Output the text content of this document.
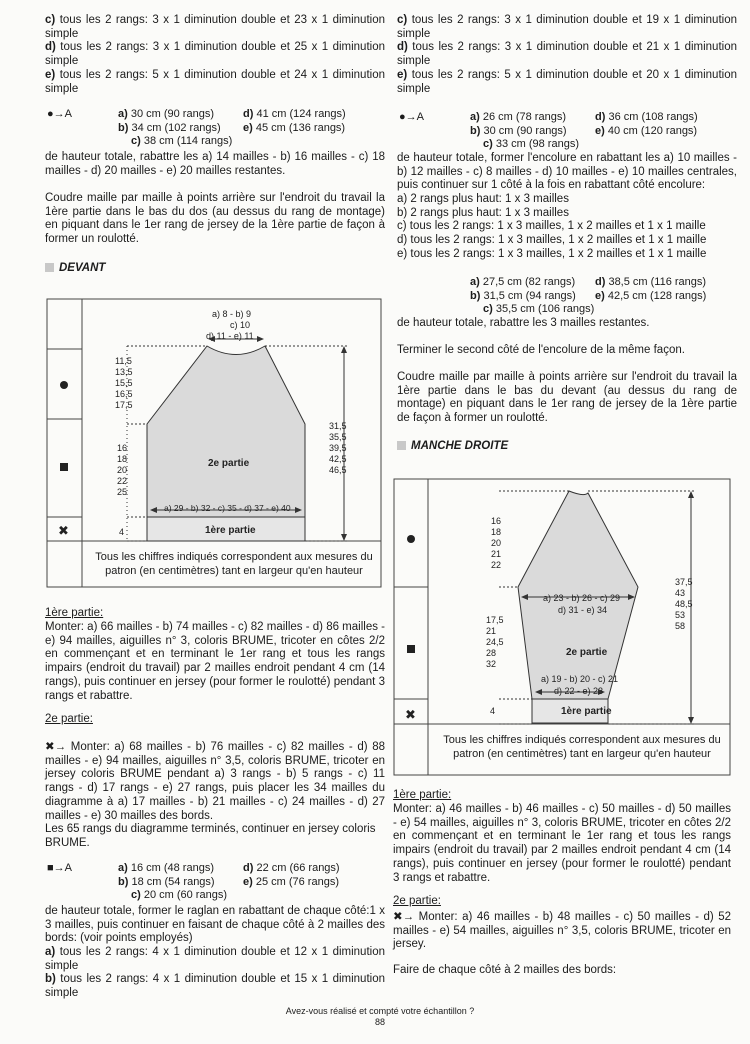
c) tous les 2 rangs: 3 x 1 diminution double et 23 x 1 diminution simple
d) tous les 2 rangs: 3 x 1 diminution double et 25 x 1 diminution simple
e) tous les 2 rangs: 5 x 1 diminution double et 24 x 1 diminution simple
●→A	a) 30 cm (90 rangs)	d) 41 cm (124 rangs)
b) 34 cm (102 rangs) e) 45 cm (136 rangs)
c) 38 cm (114 rangs)
de hauteur totale, rabattre les a) 14 mailles - b) 16 mailles - c) 18 mailles - d) 20 mailles - e) 20 mailles restantes.
Coudre maille par maille à points arrière sur l'endroit du travail la 1ère partie dans le bas du dos (au dessus du rang de montage) en piquant dans le 1er rang de jersey de la 1ère partie de façon à former un roulotté.
DEVANT
✖
a) 8 - b) 9
c) 10
d) 11 - e) 11
11,5
13,5
15,5
16,5
17,5
16
18
20
22
25
31,5
35,5
39,5
42,5
46,5
2e partie
a) 29 - b) 32 - c) 35 - d) 37 - e) 40
1ère partie
4
Tous les chiffres indiqués correspondent aux mesures du patron (en centimètres) tant en largeur qu'en hauteur
1ère partie:
Monter: a) 66 mailles - b) 74 mailles - c) 82 mailles - d) 86 mailles - e) 94 mailles, aiguilles n° 3, coloris BRUME, tricoter en côtes 2/2 en commençant et en terminant le 1er rang et tous les rangs impairs (endroit du travail) par 2 mailles endroit pendant 4 cm (14 rangs), puis continuer en jersey (pour former le roulotté) pendant 3 rangs et rabattre.
2e partie:
✖→ Monter: a) 68 mailles - b) 76 mailles - c) 82 mailles - d) 88 mailles - e) 94 mailles, aiguilles n° 3,5, coloris BRUME, tricoter en jersey coloris BRUME pendant a) 3 rangs - b) 5 rangs - c) 11 rangs - d) 17 rangs - e) 27 rangs, puis placer les 34 mailles du diagramme à a) 17 mailles - b) 21 mailles - c) 24 mailles - d) 27 mailles - e) 30 mailles des bords.
Les 65 rangs du diagramme terminés, continuer en jersey coloris BRUME.
■→A	a) 16 cm (48 rangs)	d) 22 cm (66 rangs)
b) 18 cm (54 rangs)	e) 25 cm (76 rangs)
c) 20 cm (60 rangs)
de hauteur totale, former le raglan en rabattant de chaque côté:1 x 3 mailles, puis continuer en faisant de chaque côté à 2 mailles des bords: (voir points employés)
a) tous les 2 rangs: 4 x 1 diminution double et 12 x 1 diminution simple
b) tous les 2 rangs: 4 x 1 diminution double et 15 x 1 diminution simple
c) tous les 2 rangs: 3 x 1 diminution double et 19 x 1 diminution simple
d) tous les 2 rangs: 3 x 1 diminution double et 21 x 1 diminution simple
e) tous les 2 rangs: 5 x 1 diminution double et 20 x 1 diminution simple
●→A	a) 26 cm (78 rangs)	d) 36 cm (108 rangs)
b) 30 cm (90 rangs)	e) 40 cm (120 rangs)
c) 33 cm (98 rangs)
de hauteur totale, former l'encolure en rabattant les a) 10 mailles - b) 12 mailles - c) 8 mailles - d) 10 mailles - e) 10 mailles centrales, puis continuer sur 1 côté à la fois en rabattant côté encolure:
a) 2 rangs plus haut: 1 x 3 mailles
b) 2 rangs plus haut: 1 x 3 mailles
c) tous les 2 rangs: 1 x 3 mailles, 1 x 2 mailles et 1 x 1 maille
d) tous les 2 rangs: 1 x 3 mailles, 1 x 2 mailles et 1 x 1 maille
e) tous les 2 rangs: 1 x 3 mailles, 1 x 2 mailles et 1 x 1 maille
a) 27,5 cm (82 rangs) d) 38,5 cm (116 rangs)
b) 31,5 cm (94 rangs) e) 42,5 cm (128 rangs)
c) 35,5 cm (106 rangs)
de hauteur totale, rabattre les 3 mailles restantes.
Terminer le second côté de l'encolure de la même façon.
Coudre maille par maille à points arrière sur l'endroit du travail la 1ère partie dans le bas du devant (au dessus du rang de montage) en piquant dans le 1er rang de jersey de la 1ère partie de façon à former un roulotté.
MANCHE DROITE
✖
16
18
20
21
22
17,5
21
24,5
28
32
37,5
43
48,5
53
58
a) 23 - b) 26 - c) 29
d) 31 - e) 34
2e partie
a) 19 - b) 20 - c) 21
d) 22 - e) 23
1ère partie
4
Tous les chiffres indiqués correspondent aux mesures du patron (en centimètres) tant en largeur qu'en hauteur
1ère partie:
Monter: a) 46 mailles - b) 46 mailles - c) 50 mailles - d) 50 mailles - e) 54 mailles, aiguilles n° 3, coloris BRUME, tricoter en côtes 2/2 en commençant et en terminant le 1er rang et tous les rangs impairs (endroit du travail) par 2 mailles endroit pendant 4 cm (14 rangs), puis continuer en jersey (pour former le roulotté) pendant 3 rangs et rabattre.
2e partie:
✖→ Monter: a) 46 mailles - b) 48 mailles - c) 50 mailles - d) 52 mailles - e) 54 mailles, aiguilles n° 3,5, coloris BRUME, tricoter en jersey.
Faire de chaque côté à 2 mailles des bords:
Avez-vous réalisé et compté votre échantillon ?
88
